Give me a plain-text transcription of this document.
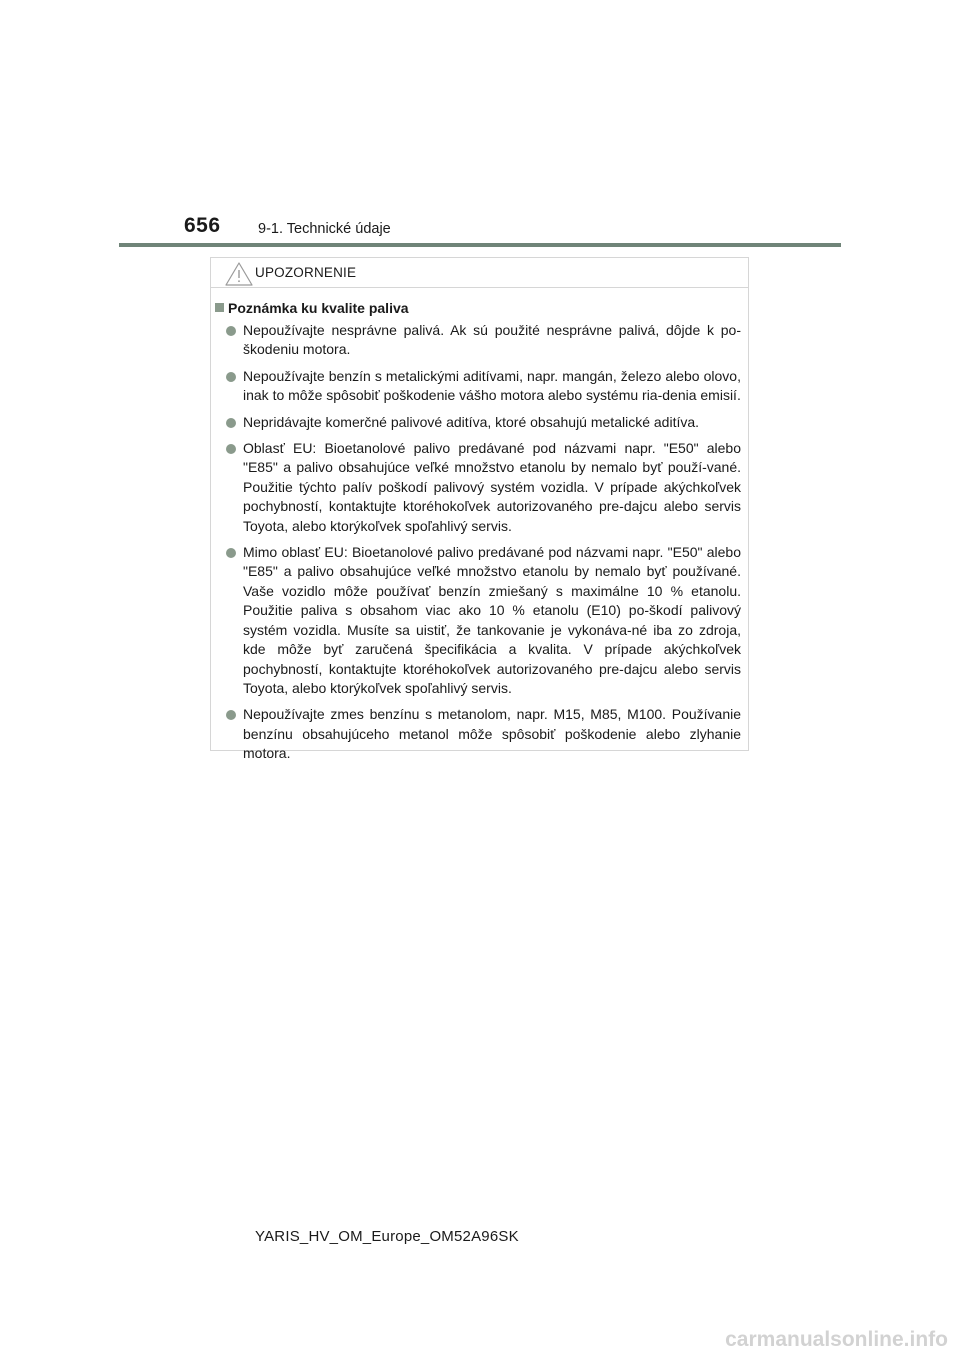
656	9-1. Technické údaje
UPOZORNENIE
Poznámka ku kvalite paliva
Nepoužívajte nesprávne palivá. Ak sú použité nesprávne palivá, dôjde k po-škodeniu motora.
Nepoužívajte benzín s metalickými aditívami, napr. mangán, železo alebo olovo, inak to môže spôsobiť poškodenie vášho motora alebo systému ria-denia emisií.
Nepridávajte komerčné palivové aditíva, ktoré obsahujú metalické aditíva.
Oblasť EU: Bioetanolové palivo predávané pod názvami napr. "E50" alebo "E85" a palivo obsahujúce veľké množstvo etanolu by nemalo byť použí-vané. Použitie týchto palív poškodí palivový systém vozidla. V prípade akýchkoľvek pochybností, kontaktujte ktoréhokoľvek autorizovaného pre-dajcu alebo servis Toyota, alebo ktorýkoľvek spoľahlivý servis.
Mimo oblasť EU: Bioetanolové palivo predávané pod názvami napr. "E50" alebo "E85" a palivo obsahujúce veľké množstvo etanolu by nemalo byť používané. Vaše vozidlo môže používať benzín zmiešaný s maximálne 10 % etanolu. Použitie paliva s obsahom viac ako 10 % etanolu (E10) po-škodí palivový systém vozidla. Musíte sa uistiť, že tankovanie je vykonáva-né iba zo zdroja, kde môže byť zaručená špecifikácia a kvalita. V prípade akýchkoľvek pochybností, kontaktujte ktoréhokoľvek autorizovaného pre-dajcu alebo servis Toyota, alebo ktorýkoľvek spoľahlivý servis.
Nepoužívajte zmes benzínu s metanolom, napr. M15, M85, M100. Používanie benzínu obsahujúceho metanol môže spôsobiť poškodenie alebo zlyhanie motora.
YARIS_HV_OM_Europe_OM52A96SK
carmanualsonline.info
